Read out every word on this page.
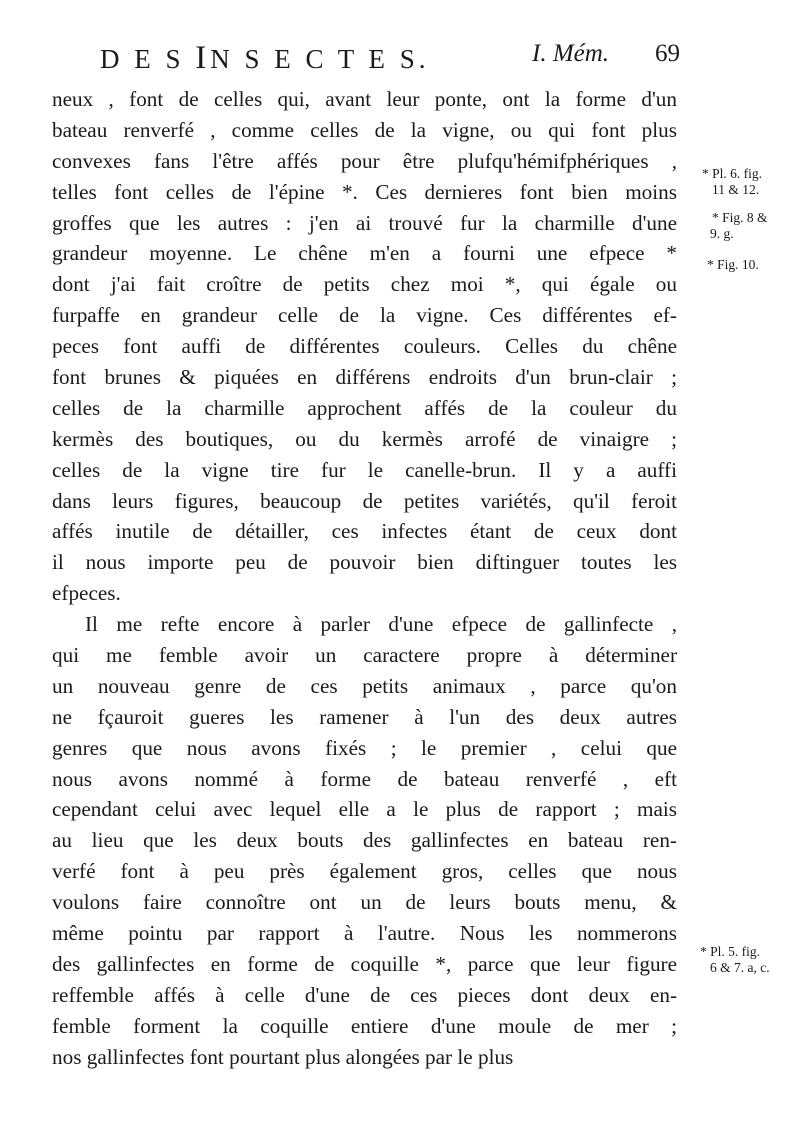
D E S IN S E C T E S.	I. Mém. 69
neux , font de celles qui, avant leur ponte, ont la forme d'un
bateau renverfé , comme celles de la vigne, ou qui font plus
convexes fans l'être affés pour être plufqu'hémifphériques ,
telles font celles de l'épine *. Ces dernieres font bien moins
groffes que les autres : j'en ai trouvé fur la charmille d'une
grandeur moyenne. Le chêne m'en a fourni une efpece *
dont j'ai fait croître de petits chez moi *, qui égale ou
furpaffe en grandeur celle de la vigne. Ces différentes ef-
peces font auffi de différentes couleurs. Celles du chêne
font brunes & piquées en différens endroits d'un brun-clair ;
celles de la charmille approchent affés de la couleur du
kermès des boutiques, ou du kermès arrofé de vinaigre ;
celles de la vigne tire fur le canelle-brun. Il y a auffi
dans leurs figures, beaucoup de petites variétés, qu'il feroit
affés inutile de détailler, ces infectes étant de ceux dont
il nous importe peu de pouvoir bien diftinguer toutes les
efpeces.
Il me refte encore à parler d'une efpece de gallinfecte ,
qui me femble avoir un caractere propre à déterminer
un nouveau genre de ces petits animaux , parce qu'on
ne fçauroit gueres les ramener à l'un des deux autres
genres que nous avons fixés ; le premier , celui que
nous avons nommé à forme de bateau renverfé , eft
cependant celui avec lequel elle a le plus de rapport ; mais
au lieu que les deux bouts des gallinfectes en bateau ren-
verfé font à peu près également gros, celles que nous
voulons faire connoître ont un de leurs bouts menu, &
même pointu par rapport à l'autre. Nous les nommerons
des gallinfectes en forme de coquille *, parce que leur figure
reffemble affés à celle d'une de ces pieces dont deux en-
femble forment la coquille entiere d'une moule de mer ;
nos gallinfectes font pourtant plus alongées par le plus
* Pl. 6. fig.
11 & 12.
* Fig. 8 &
9. g.
* Fig. 10.
* Pl. 5. fig.
6 & 7. a, c.
